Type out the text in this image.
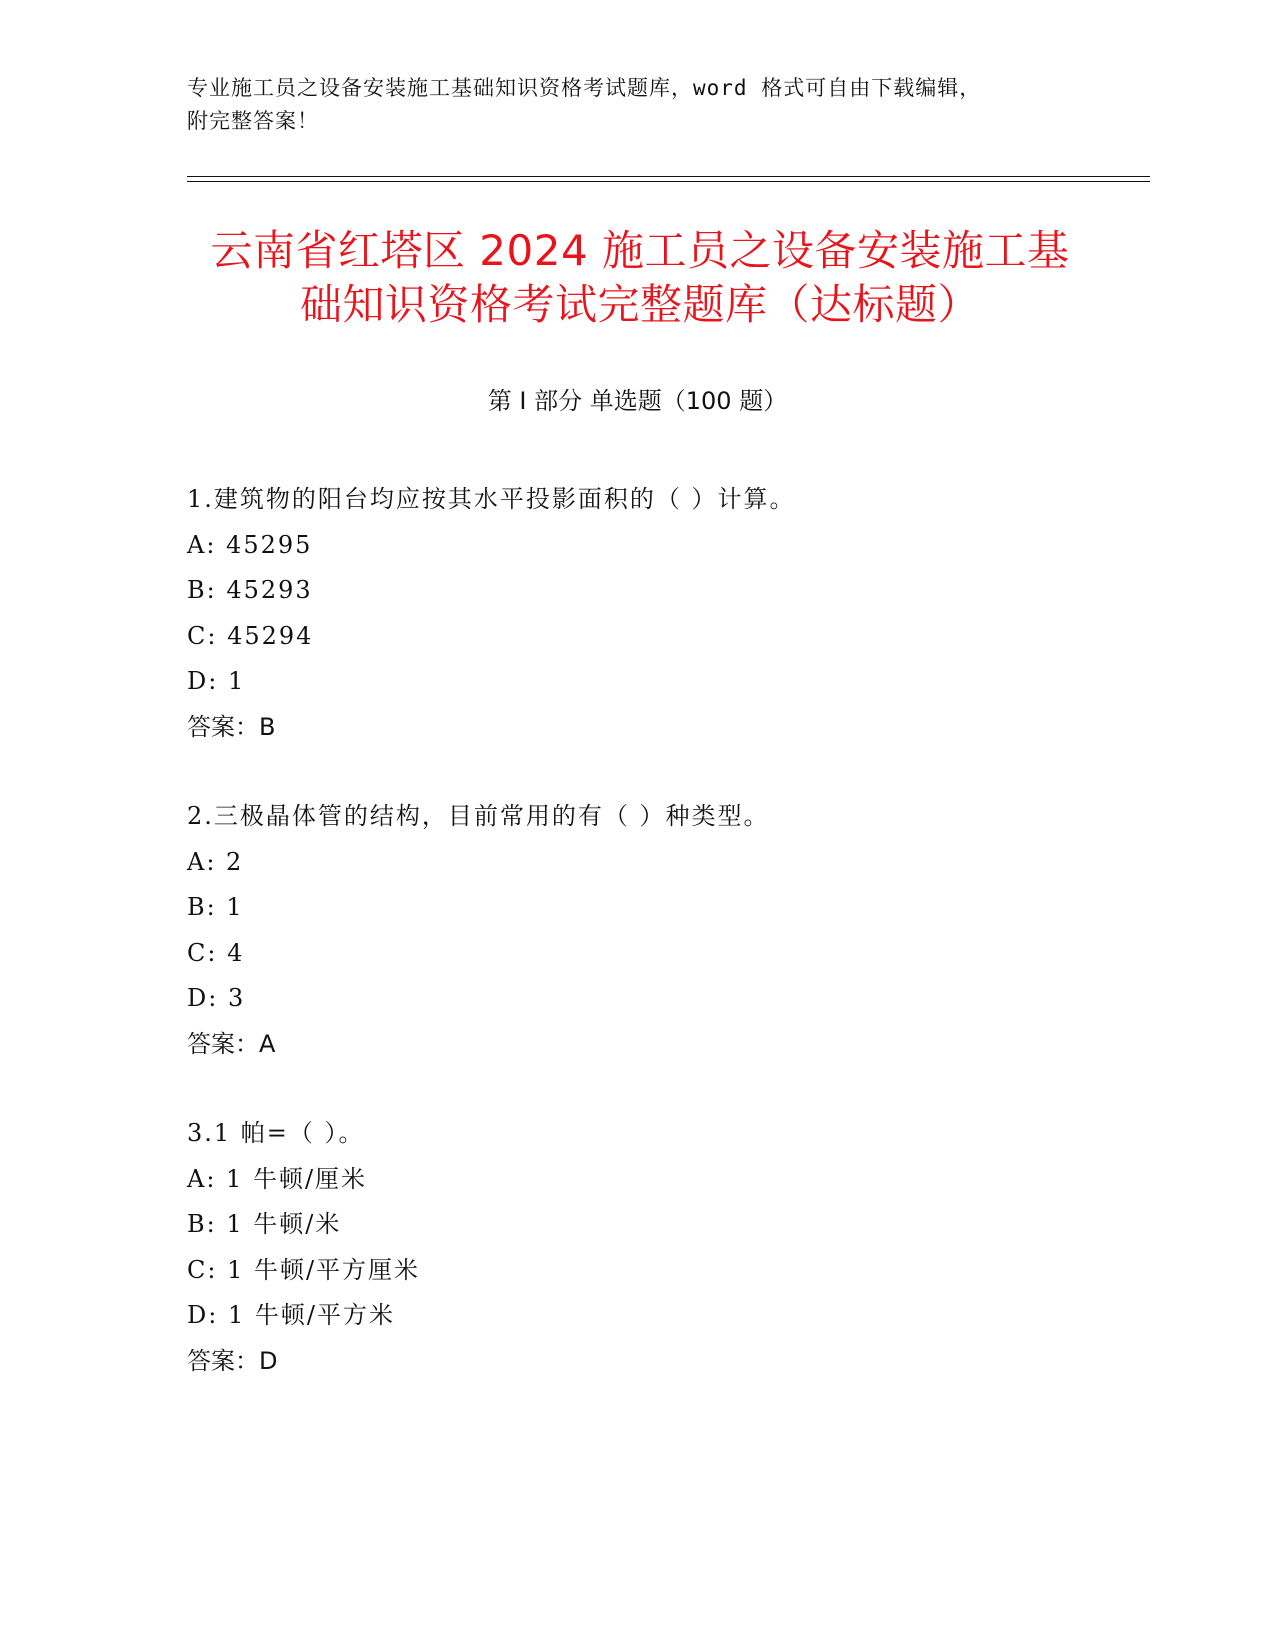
专业施工员之设备安装施工基础知识资格考试题库，word 格式可自由下载编辑，
附完整答案！
云南省红塔区 2024 施工员之设备安装施工基
础知识资格考试完整题库（达标题）
第 I 部分 单选题（100 题）
1.建筑物的阳台均应按其水平投影面积的（ ）计算。
A: 45295
B: 45293
C: 45294
D: 1
答案：B
2.三极晶体管的结构，目前常用的有（ ）种类型。
A: 2
B: 1
C: 4
D: 3
答案：A
3.1 帕=（ ）。
A: 1 牛顿/厘米
B: 1 牛顿/米
C: 1 牛顿/平方厘米
D: 1 牛顿/平方米
答案：D
